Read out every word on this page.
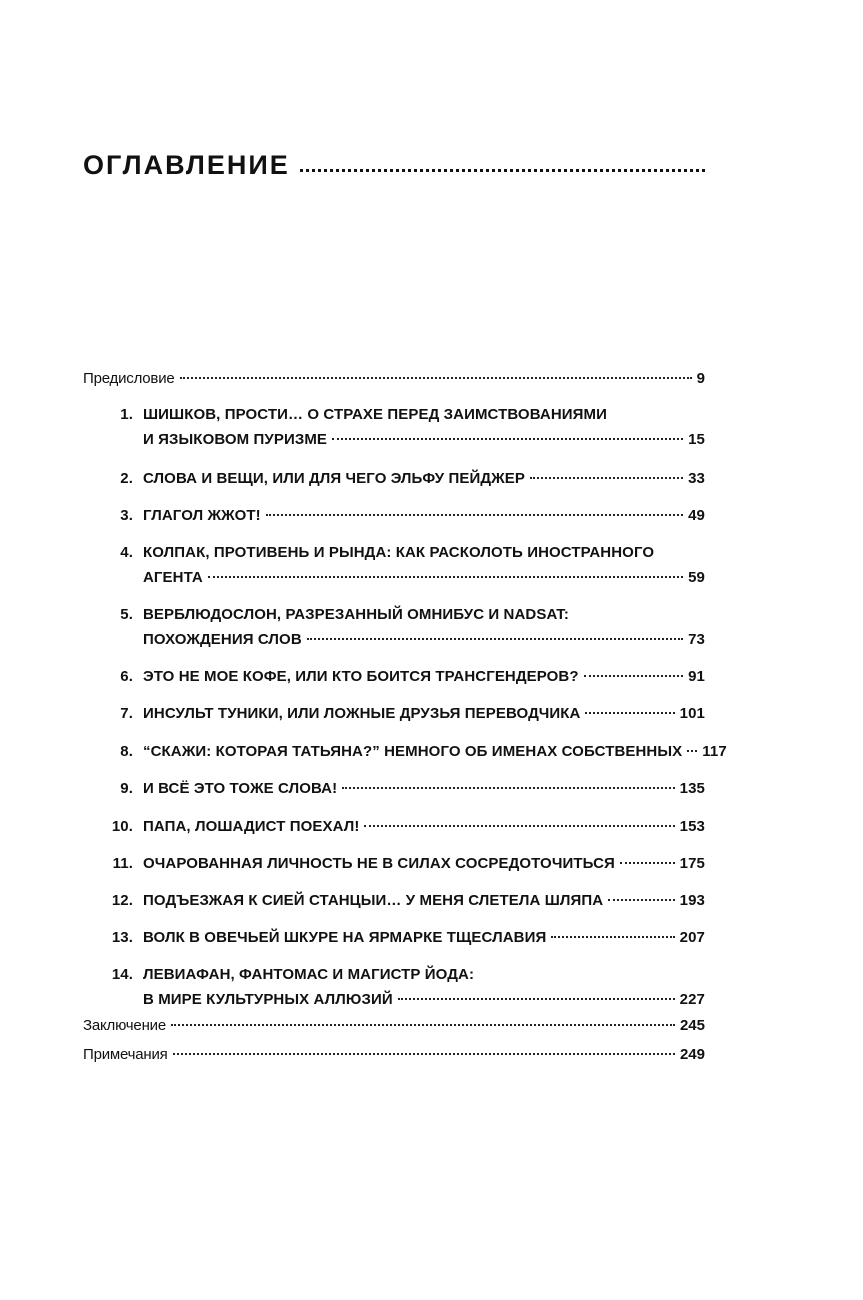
ОГЛАВЛЕНИЕ
Предисловие	9
1. ШИШКОВ, ПРОСТИ… О СТРАХЕ ПЕРЕД ЗАИМСТВОВАНИЯМИ
И ЯЗЫКОВОМ ПУРИЗМЕ	15
2. СЛОВА И ВЕЩИ, ИЛИ ДЛЯ ЧЕГО ЭЛЬФУ ПЕЙДЖЕР	33
3. ГЛАГОЛ ЖЖОТ!	49
4. КОЛПАК, ПРОТИВЕНЬ И РЫНДА: КАК РАСКОЛОТЬ ИНОСТРАННОГО
АГЕНТА	59
5. ВЕРБЛЮДОСЛОН, РАЗРЕЗАННЫЙ ОМНИБУС И NADSAT:
ПОХОЖДЕНИЯ СЛОВ	73
6. ЭТО НЕ МОЕ КОФЕ, ИЛИ КТО БОИТСЯ ТРАНСГЕНДЕРОВ?	91
7. ИНСУЛЬТ ТУНИКИ, ИЛИ ЛОЖНЫЕ ДРУЗЬЯ ПЕРЕВОДЧИКА	101
8. “СКАЖИ: КОТОРАЯ ТАТЬЯНА?” НЕМНОГО ОБ ИМЕНАХ СОБСТВЕННЫХ 117
9. И ВСЁ ЭТО ТОЖЕ СЛОВА!	135
10. ПАПА, ЛОШАДИСТ ПОЕХАЛ!	153
11. ОЧАРОВАННАЯ ЛИЧНОСТЬ НЕ В СИЛАХ СОСРЕДОТОЧИТЬСЯ	175
12. ПОДЪЕЗЖАЯ К СИЕЙ СТАНЦЫИ… У МЕНЯ СЛЕТЕЛА ШЛЯПА	193
13. ВОЛК В ОВЕЧЬЕЙ ШКУРЕ НА ЯРМАРКЕ ТЩЕСЛАВИЯ	207
14. ЛЕВИАФАН, ФАНТОМАС И МАГИСТР ЙОДА:
В МИРЕ КУЛЬТУРНЫХ АЛЛЮЗИЙ	227
Заключение	245
Примечания	249
